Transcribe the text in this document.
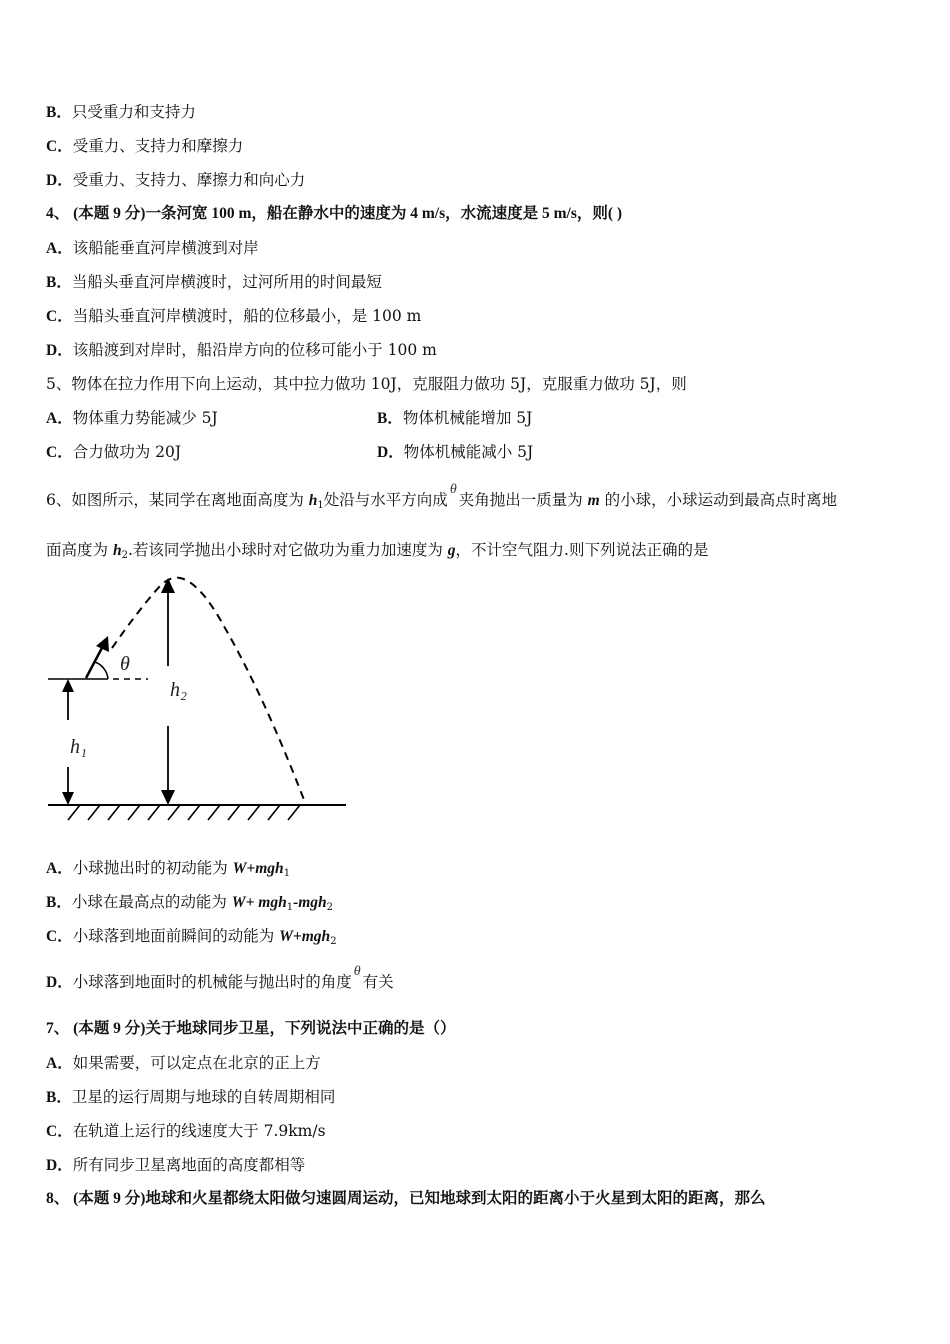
B．只受重力和支持力
C．受重力、支持力和摩擦力
D．受重力、支持力、摩擦力和向心力
4、 (本题 9 分)一条河宽 100 m，船在静水中的速度为 4 m/s，水流速度是 5 m/s，则( )
A．该船能垂直河岸横渡到对岸
B．当船头垂直河岸横渡时，过河所用的时间最短
C．当船头垂直河岸横渡时，船的位移最小，是 100 m
D．该船渡到对岸时，船沿岸方向的位移可能小于 100 m
5、物体在拉力作用下向上运动，其中拉力做功 10J，克服阻力做功 5J，克服重力做功 5J，则
A．物体重力势能减少 5J	B．物体机械能增加 5J
C．合力做功为 20J	D．物体机械能减小 5J
6、如图所示，某同学在离地面高度为 $h_1$处沿与水平方向成θ夹角抛出一质量为 m 的小球，小球运动到最高点时离地
面高度为 $h_2$.若该同学抛出小球时对它做功为重力加速度为 g，不计空气阻力.则下列说法正确的是
h₁
h₂
θ
A．小球抛出时的初动能为 W+mgh$_1$
B．小球在最高点的动能为 W+ mgh$_1$-mgh$_2$
C．小球落到地面前瞬间的动能为 W+mgh$_2$
D．小球落到地面时的机械能与抛出时的角度θ有关
7、 (本题 9 分)关于地球同步卫星，下列说法中正确的是（）
A．如果需要，可以定点在北京的正上方
B．卫星的运行周期与地球的自转周期相同
C．在轨道上运行的线速度大于 7.9km/s
D．所有同步卫星离地面的高度都相等
8、 (本题 9 分)地球和火星都绕太阳做匀速圆周运动，已知地球到太阳的距离小于火星到太阳的距离，那么
